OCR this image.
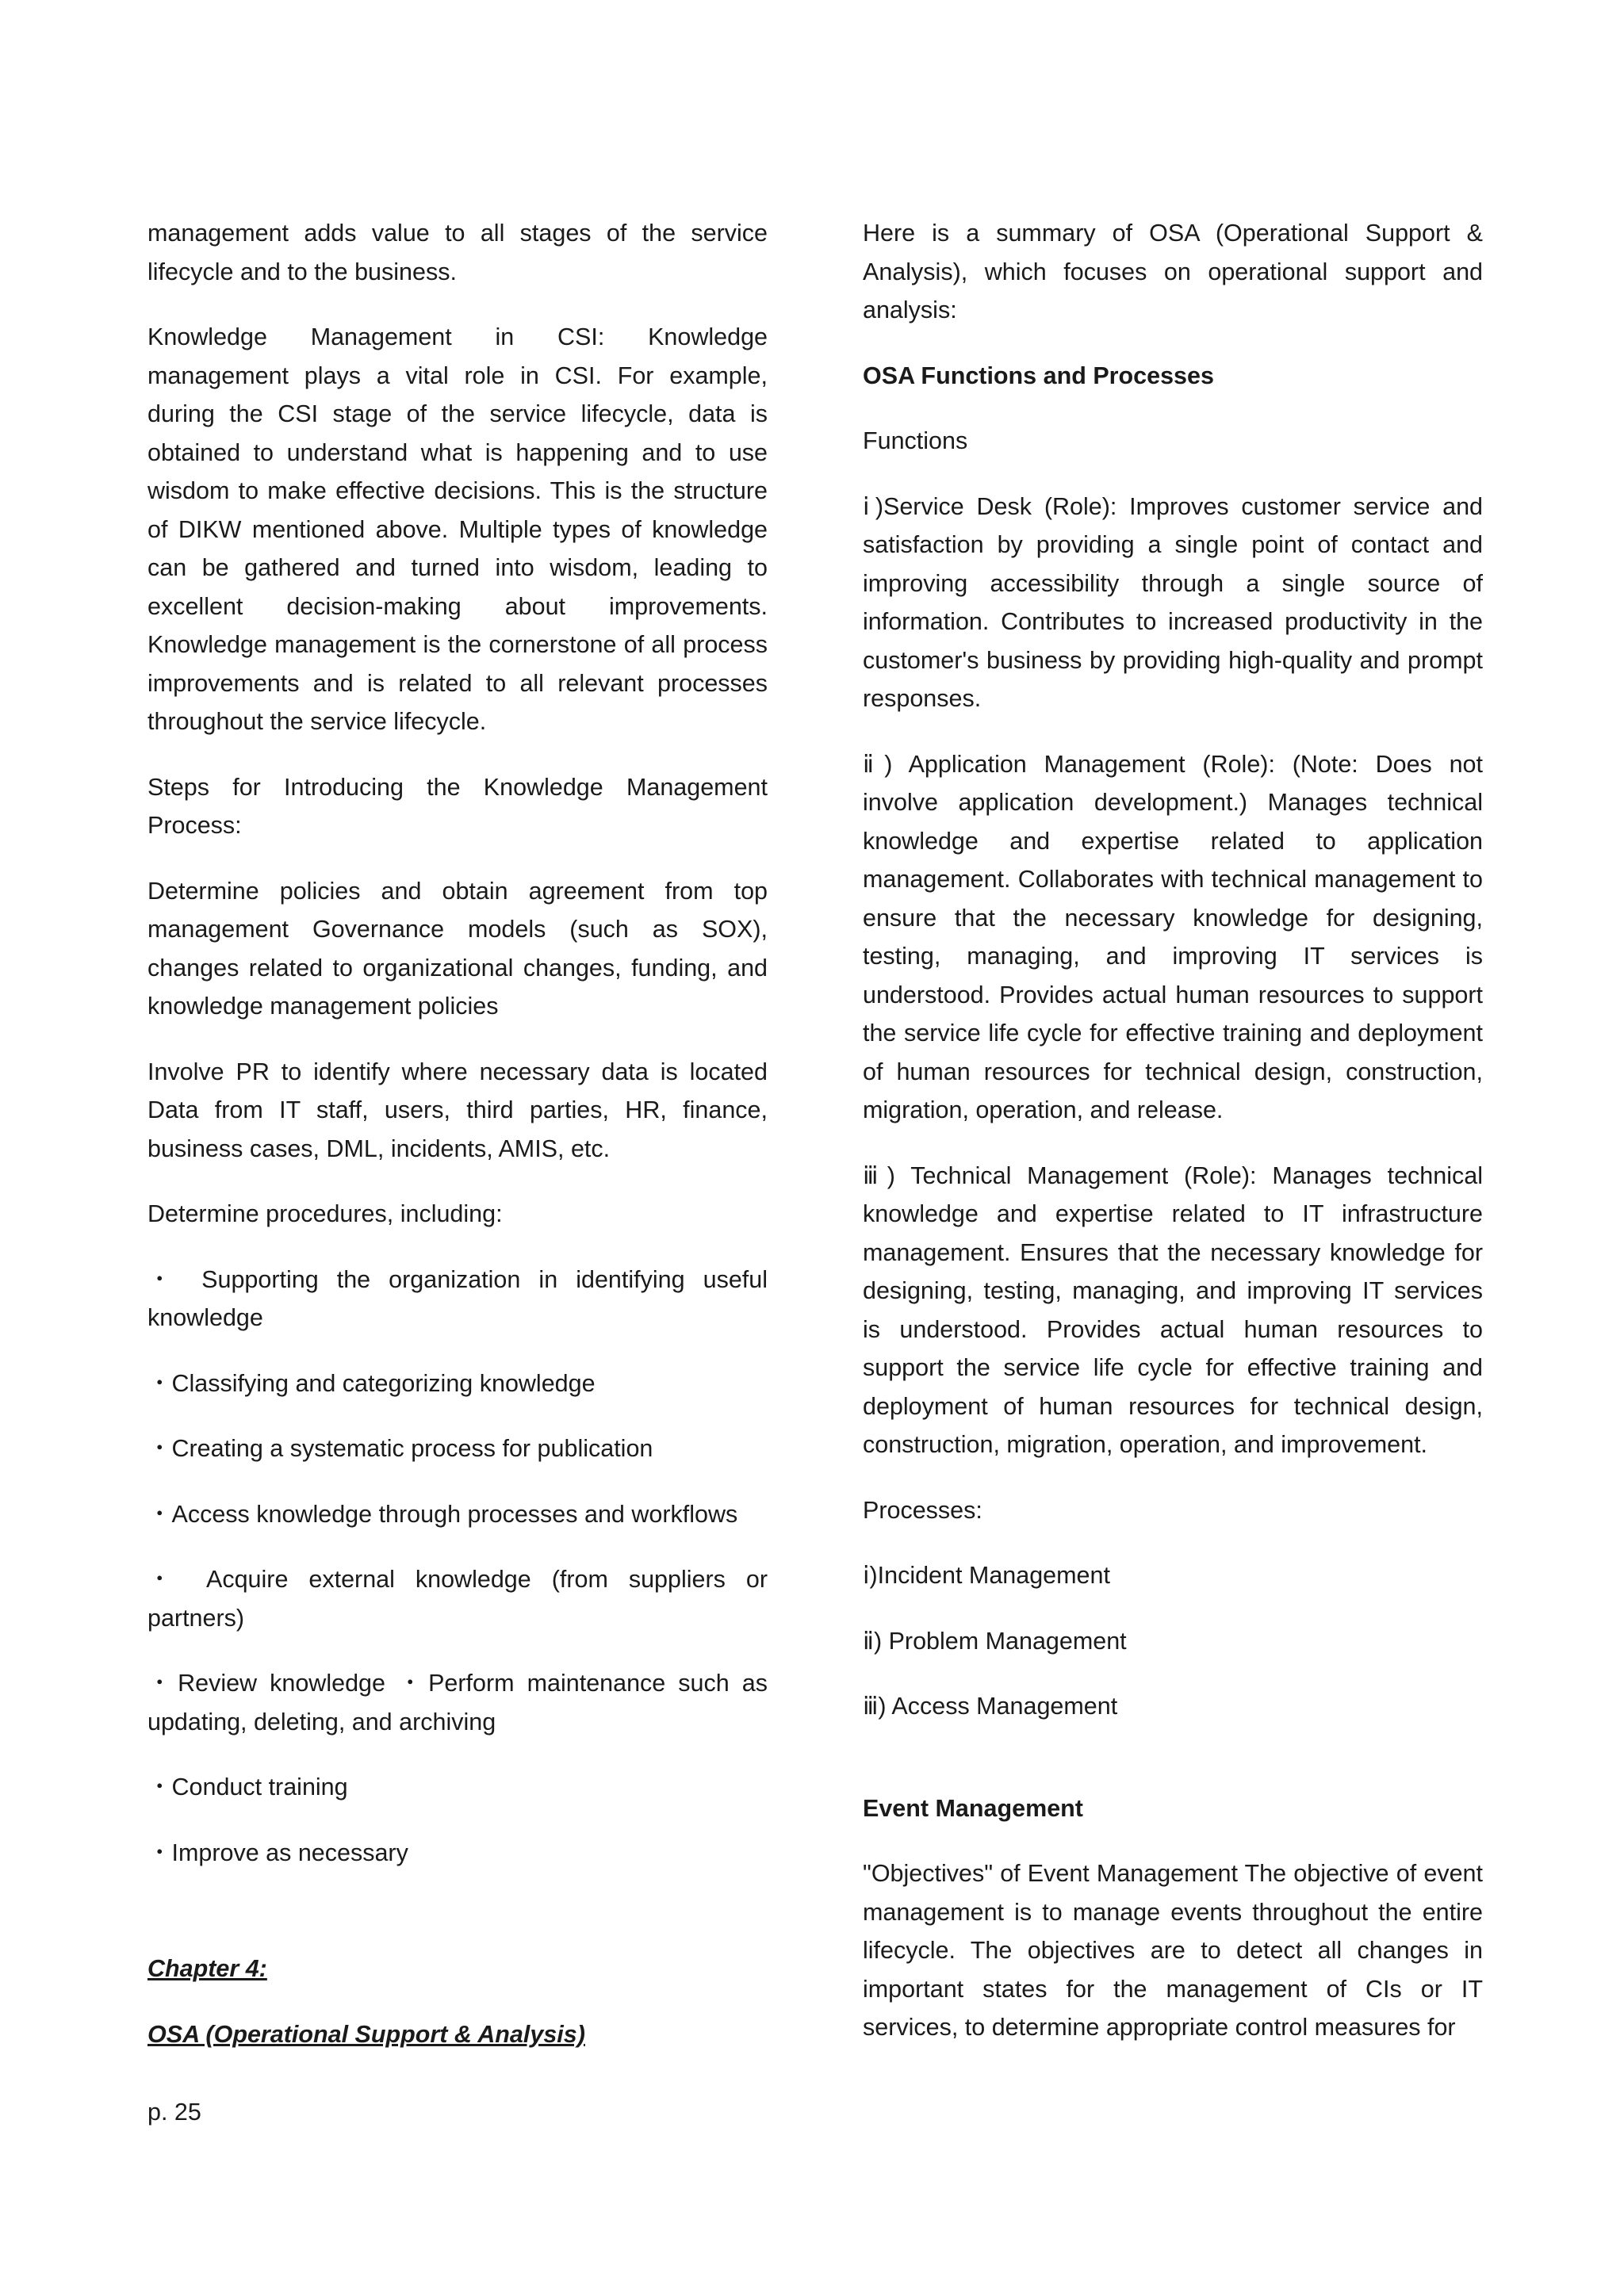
management adds value to all stages of the service lifecycle and to the business.

Knowledge Management in CSI: Knowledge management plays a vital role in CSI. For example, during the CSI stage of the service lifecycle, data is obtained to understand what is happening and to use wisdom to make effective decisions. This is the structure of DIKW mentioned above. Multiple types of knowledge can be gathered and turned into wisdom, leading to excellent decision-making about improvements. Knowledge management is the cornerstone of all process improvements and is related to all relevant processes throughout the service lifecycle.

Steps for Introducing the Knowledge Management Process:

Determine policies and obtain agreement from top management Governance models (such as SOX), changes related to organizational changes, funding, and knowledge management policies

Involve PR to identify where necessary data is located Data from IT staff, users, third parties, HR, finance, business cases, DML, incidents, AMIS, etc.

Determine procedures, including:

・ Supporting the organization in identifying useful knowledge

・Classifying and categorizing knowledge

・Creating a systematic process for publication

・Access knowledge through processes and workflows

・ Acquire external knowledge (from suppliers or partners)

・Review knowledge ・Perform maintenance such as updating, deleting, and archiving

・Conduct training

・Improve as necessary

Chapter 4:

OSA (Operational Support & Analysis)

p. 25

Here is a summary of OSA (Operational Support & Analysis), which focuses on operational support and analysis:

OSA Functions and Processes

Functions

ⅰ)Service Desk (Role): Improves customer service and satisfaction by providing a single point of contact and improving accessibility through a single source of information. Contributes to increased productivity in the customer's business by providing high-quality and prompt responses.

ⅱ) Application Management (Role): (Note: Does not involve application development.) Manages technical knowledge and expertise related to application management. Collaborates with technical management to ensure that the necessary knowledge for designing, testing, managing, and improving IT services is understood. Provides actual human resources to support the service life cycle for effective training and deployment of human resources for technical design, construction, migration, operation, and release.

ⅲ) Technical Management (Role): Manages technical knowledge and expertise related to IT infrastructure management. Ensures that the necessary knowledge for designing, testing, managing, and improving IT services is understood. Provides actual human resources to support the service life cycle for effective training and deployment of human resources for technical design, construction, migration, operation, and improvement.

Processes:

ⅰ)Incident Management

ⅱ) Problem Management

ⅲ) Access Management

Event Management

"Objectives" of Event Management The objective of event management is to manage events throughout the entire lifecycle. The objectives are to detect all changes in important states for the management of CIs or IT services, to determine appropriate control measures for
